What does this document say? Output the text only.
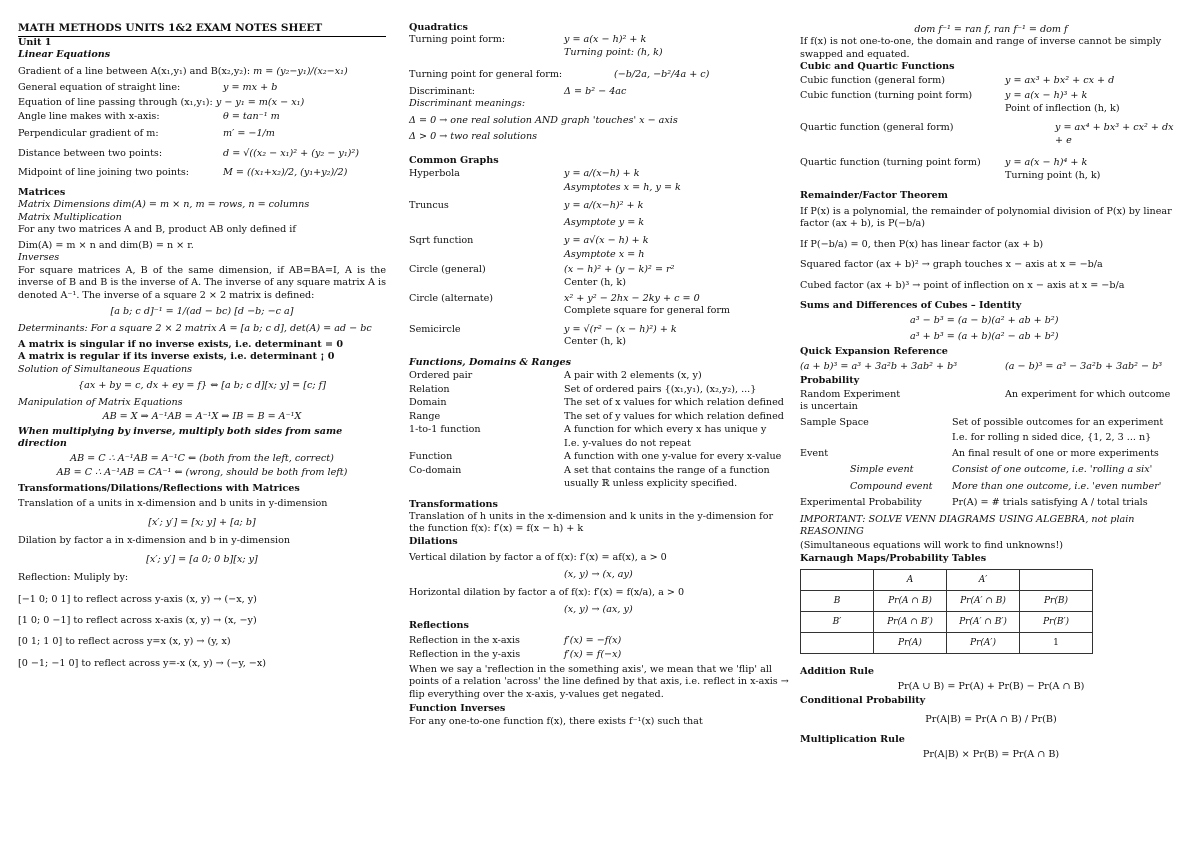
MATH METHODS UNITS 1&2 EXAM NOTES SHEET
Unit 1
Linear Equations
Gradient of a line between A(x₁,y₁) and B(x₂,y₂):
m = (y₂−y₁)/(x₂−x₁)
General equation of straight line:	y = mx + b
Equation of line passing through (x₁,y₁):
y − y₁ = m(x − x₁)
Angle line makes with x-axis:	θ = tan⁻¹ m
Perpendicular gradient of m:	m′ = −1/m
Distance between two points:	d = √((x₂ − x₁)² + (y₂ − y₁)²)
Midpoint of line joining two points:	M = ((x₁+x₂)/2, (y₁+y₂)/2)
Matrices
Matrix Dimensions dim(A) = m × n, m = rows, n = columns
Matrix Multiplication
For any two matrices A and B, product AB only defined if
Dim(A) = m × n and dim(B) = n × r.
Inverses
For square matrices A, B of the same dimension, if AB=BA=I, A is the inverse of B and B is the inverse of A. The inverse of any square matrix A is denoted A⁻¹. The inverse of a square 2 × 2 matrix is defined:
[a b; c d]⁻¹ = 1/(ad − bc) [d −b; −c a]
Determinants: For a square 2 × 2 matrix A = [a b; c d], det(A) = ad − bc
A matrix is singular if no inverse exists, i.e. determinant = 0
A matrix is regular if its inverse exists, i.e. determinant ¡ 0
Solution of Simultaneous Equations
{ax + by = c, dx + ey = f} ⇔ [a b; c d][x; y] = [c; f]
Manipulation of Matrix Equations
AB = X ⇒ A⁻¹AB = A⁻¹X ⇒ IB = B = A⁻¹X
When multiplying by inverse, multiply both sides from same direction
AB = C ∴ A⁻¹AB = A⁻¹C ⇐ (both from the left, correct)
AB = C ∴ A⁻¹AB = CA⁻¹ ⇐ (wrong, should be both from left)
Transformations/Dilations/Reflections with Matrices
Translation of a units in x-dimension and b units in y-dimension
[x′; y′] = [x; y] + [a; b]
Dilation by factor a in x-dimension and b in y-dimension
[x′; y′] = [a 0; 0 b][x; y]
Reflection: Muliply by:
[−1 0; 0 1] to reflect across y-axis (x, y) → (−x, y)
[1 0; 0 −1] to reflect across x-axis (x, y) → (x, −y)
[0 1; 1 0] to reflect across y=x (x, y) → (y, x)
[0 −1; −1 0] to reflect across y=-x (x, y) → (−y, −x)
Quadratics
Turning point form:	y = a(x − h)² + k
Turning point: (h, k)
Turning point for general form:	(−b/2a, −b²/4a + c)
Discriminant:	Δ = b² − 4ac
Discriminant meanings:
Δ = 0 → one real solution AND graph 'touches' x − axis
Δ > 0 → two real solutions
Common Graphs
Hyperbola	y = a/(x−h) + k
Asymptotes x = h, y = k
Truncus	y = a/(x−h)² + k
Asymptote y = k
Sqrt function	y = a√(x − h) + k
Asymptote x = h
Circle (general)	(x − h)² + (y − k)² = r²
Center (h, k)
Circle (alternate)	x² + y² − 2hx − 2ky + c = 0
Complete square for general form
Semicircle	y = √(r² − (x − h)²) + k
Center (h, k)
Functions, Domains & Ranges
Ordered pair	A pair with 2 elements (x, y)
Relation	Set of ordered pairs {(x₁,y₁), (x₂,y₂), ...}
Domain	The set of x values for which relation defined
Range	The set of y values for which relation defined
1-to-1 function	A function for which every x has unique y
I.e. y-values do not repeat
Function	A function with one y-value for every x-value
Co-domain	A set that contains the range of a function
usually ℝ unless explicity specified.
Transformations
Translation of h units in the x-dimension and k units in the y-dimension for the function f(x): f′(x) = f(x − h) + k
Dilations
Vertical dilation by factor a of f(x): f′(x) = af(x), a > 0
(x, y) → (x, ay)
Horizontal dilation by factor a of f(x): f′(x) = f(x/a), a > 0
(x, y) → (ax, y)
Reflections
Reflection in the x-axis	f′(x) = −f(x)
Reflection in the y-axis	f′(x) = f(−x)
When we say a 'reflection in the something axis', we mean that we 'flip' all points of a relation 'across' the line defined by that axis, i.e. reflect in x-axis → flip everything over the x-axis, y-values get negated.
Function Inverses
For any one-to-one function f(x), there exists f⁻¹(x) such that
dom f⁻¹ = ran f, ran f⁻¹ = dom f
If f(x) is not one-to-one, the domain and range of inverse cannot be simply swapped and equated.
Cubic and Quartic Functions
Cubic function (general form)	y = ax³ + bx² + cx + d
Cubic function (turning point form)	y = a(x − h)³ + k
Point of inflection (h, k)
Quartic function (general form)	y = ax⁴ + bx³ + cx² + dx + e
Quartic function (turning point form)	y = a(x − h)⁴ + k
Turning point (h, k)
Remainder/Factor Theorem
If P(x) is a polynomial, the remainder of polynomial division of P(x) by linear factor (ax + b), is P(−b/a)
If P(−b/a) = 0, then P(x) has linear factor (ax + b)
Squared factor (ax + b)² → graph touches x − axis at x = −b/a
Cubed factor (ax + b)³ → point of inflection on x − axis at x = −b/a
Sums and Differences of Cubes – Identity
a³ − b³ = (a − b)(a² + ab + b²)
a³ + b³ = (a + b)(a² − ab + b²)
Quick Expansion Reference
(a + b)³ = a³ + 3a²b + 3ab² + b³	(a − b)³ = a³ − 3a²b + 3ab² − b³
Probability
Random Experiment	An experiment for which outcome
is uncertain
Sample Space	Set of possible outcomes for an experiment
I.e. for rolling n sided dice, {1, 2, 3 ... n}
Event	An final result of one or more experiments
Simple event	Consist of one outcome, i.e. 'rolling a six'
Compound event	More than one outcome, i.e. 'even number'
Experimental Probability	Pr(A) = # trials satisfying A / total trials
IMPORTANT: SOLVE VENN DIAGRAMS USING ALGEBRA, not plain REASONING
(Simultaneous equations will work to find unknowns!)
Karnaugh Maps/Probability Tables
	A	A′	
B	Pr(A ∩ B)	Pr(A′ ∩ B)	Pr(B)
B′	Pr(A ∩ B′)	Pr(A′ ∩ B′)	Pr(B′)
	Pr(A)	Pr(A′)	1
Addition Rule
Pr(A ∪ B) = Pr(A) + Pr(B) − Pr(A ∩ B)
Conditional Probability
Pr(A|B) = Pr(A ∩ B) / Pr(B)
Multiplication Rule
Pr(A|B) × Pr(B) = Pr(A ∩ B)
